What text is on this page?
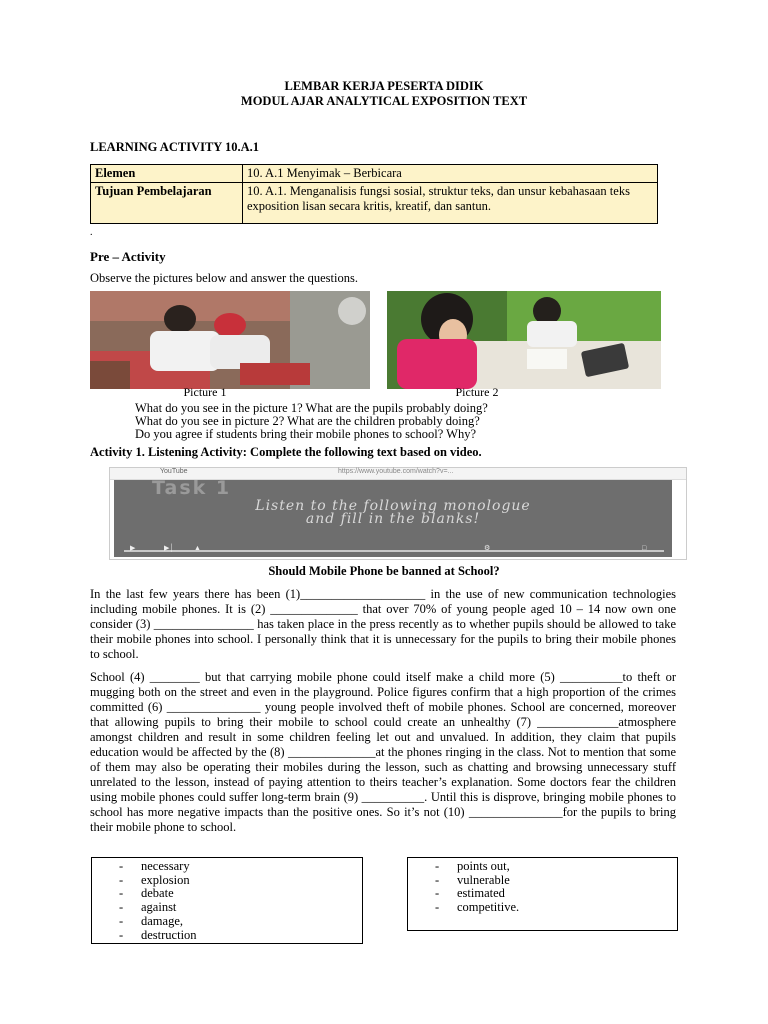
LEMBAR KERJA PESERTA DIDIK
MODUL AJAR ANALYTICAL EXPOSITION TEXT
LEARNING ACTIVITY 10.A.1
Elemen	10. A.1 Menyimak – Berbicara
Tujuan Pembelajaran	10. A.1. Menganalisis fungsi sosial, struktur teks, dan unsur kebahasaan teks exposition lisan secara kritis, kreatif, dan santun.
.
Pre – Activity
Observe the pictures below and answer the questions.
Picture 1	Picture 2
What do you see in the picture 1? What are the pupils probably doing?
What do you see in picture 2? What are the children probably doing?
Do you agree if students bring their mobile phones to school? Why?
Activity 1. Listening Activity: Complete the following text based on video.
YouTube	https://www.youtube.com/watch?v=...
Task 1
Listen to the following monologue
and fill in the blanks!
▶	▶│	▲	⚙	□
Should Mobile Phone be banned at School?
In the last few years there has been (1)____________________ in the use of new communication technologies including mobile phones. It is (2) ______________ that over 70% of young people aged 10 – 14 now own one consider (3) ________________ has taken place in the press recently as to whether pupils should be allowed to take their mobile phones into school. I personally think that it is unnecessary for the pupils to bring their mobile phones to school.
School (4) ________ but that carrying mobile phone could itself make a child more (5) __________to theft or mugging both on the street and even in the playground. Police figures confirm that a high proportion of the crimes committed (6) _______________ young people involved theft of mobile phones. School are concerned, moreover that allowing pupils to bring their mobile to school could create an unhealthy (7) _____________atmosphere amongst children and result in some children feeling let out and unvalued. In addition, they claim that pupils education would be affected by the (8) ______________at the phones ringing in the class. Not to mention that some of them may also be operating their mobiles during the lesson, such as chatting and browsing unnecessary stuff unrelated to the lesson, instead of paying attention to theirs teacher’s explanation. Some doctors fear the children using mobile phones could suffer long-term brain (9) __________. Until this is disprove, bringing mobile phones to school has more negative impacts than the positive ones. So it’s not (10) _______________for the pupils to bring their mobile phone to school.
- necessary
- explosion
- debate
- against
- damage,
- destruction
- points out,
- vulnerable
- estimated
- competitive.
